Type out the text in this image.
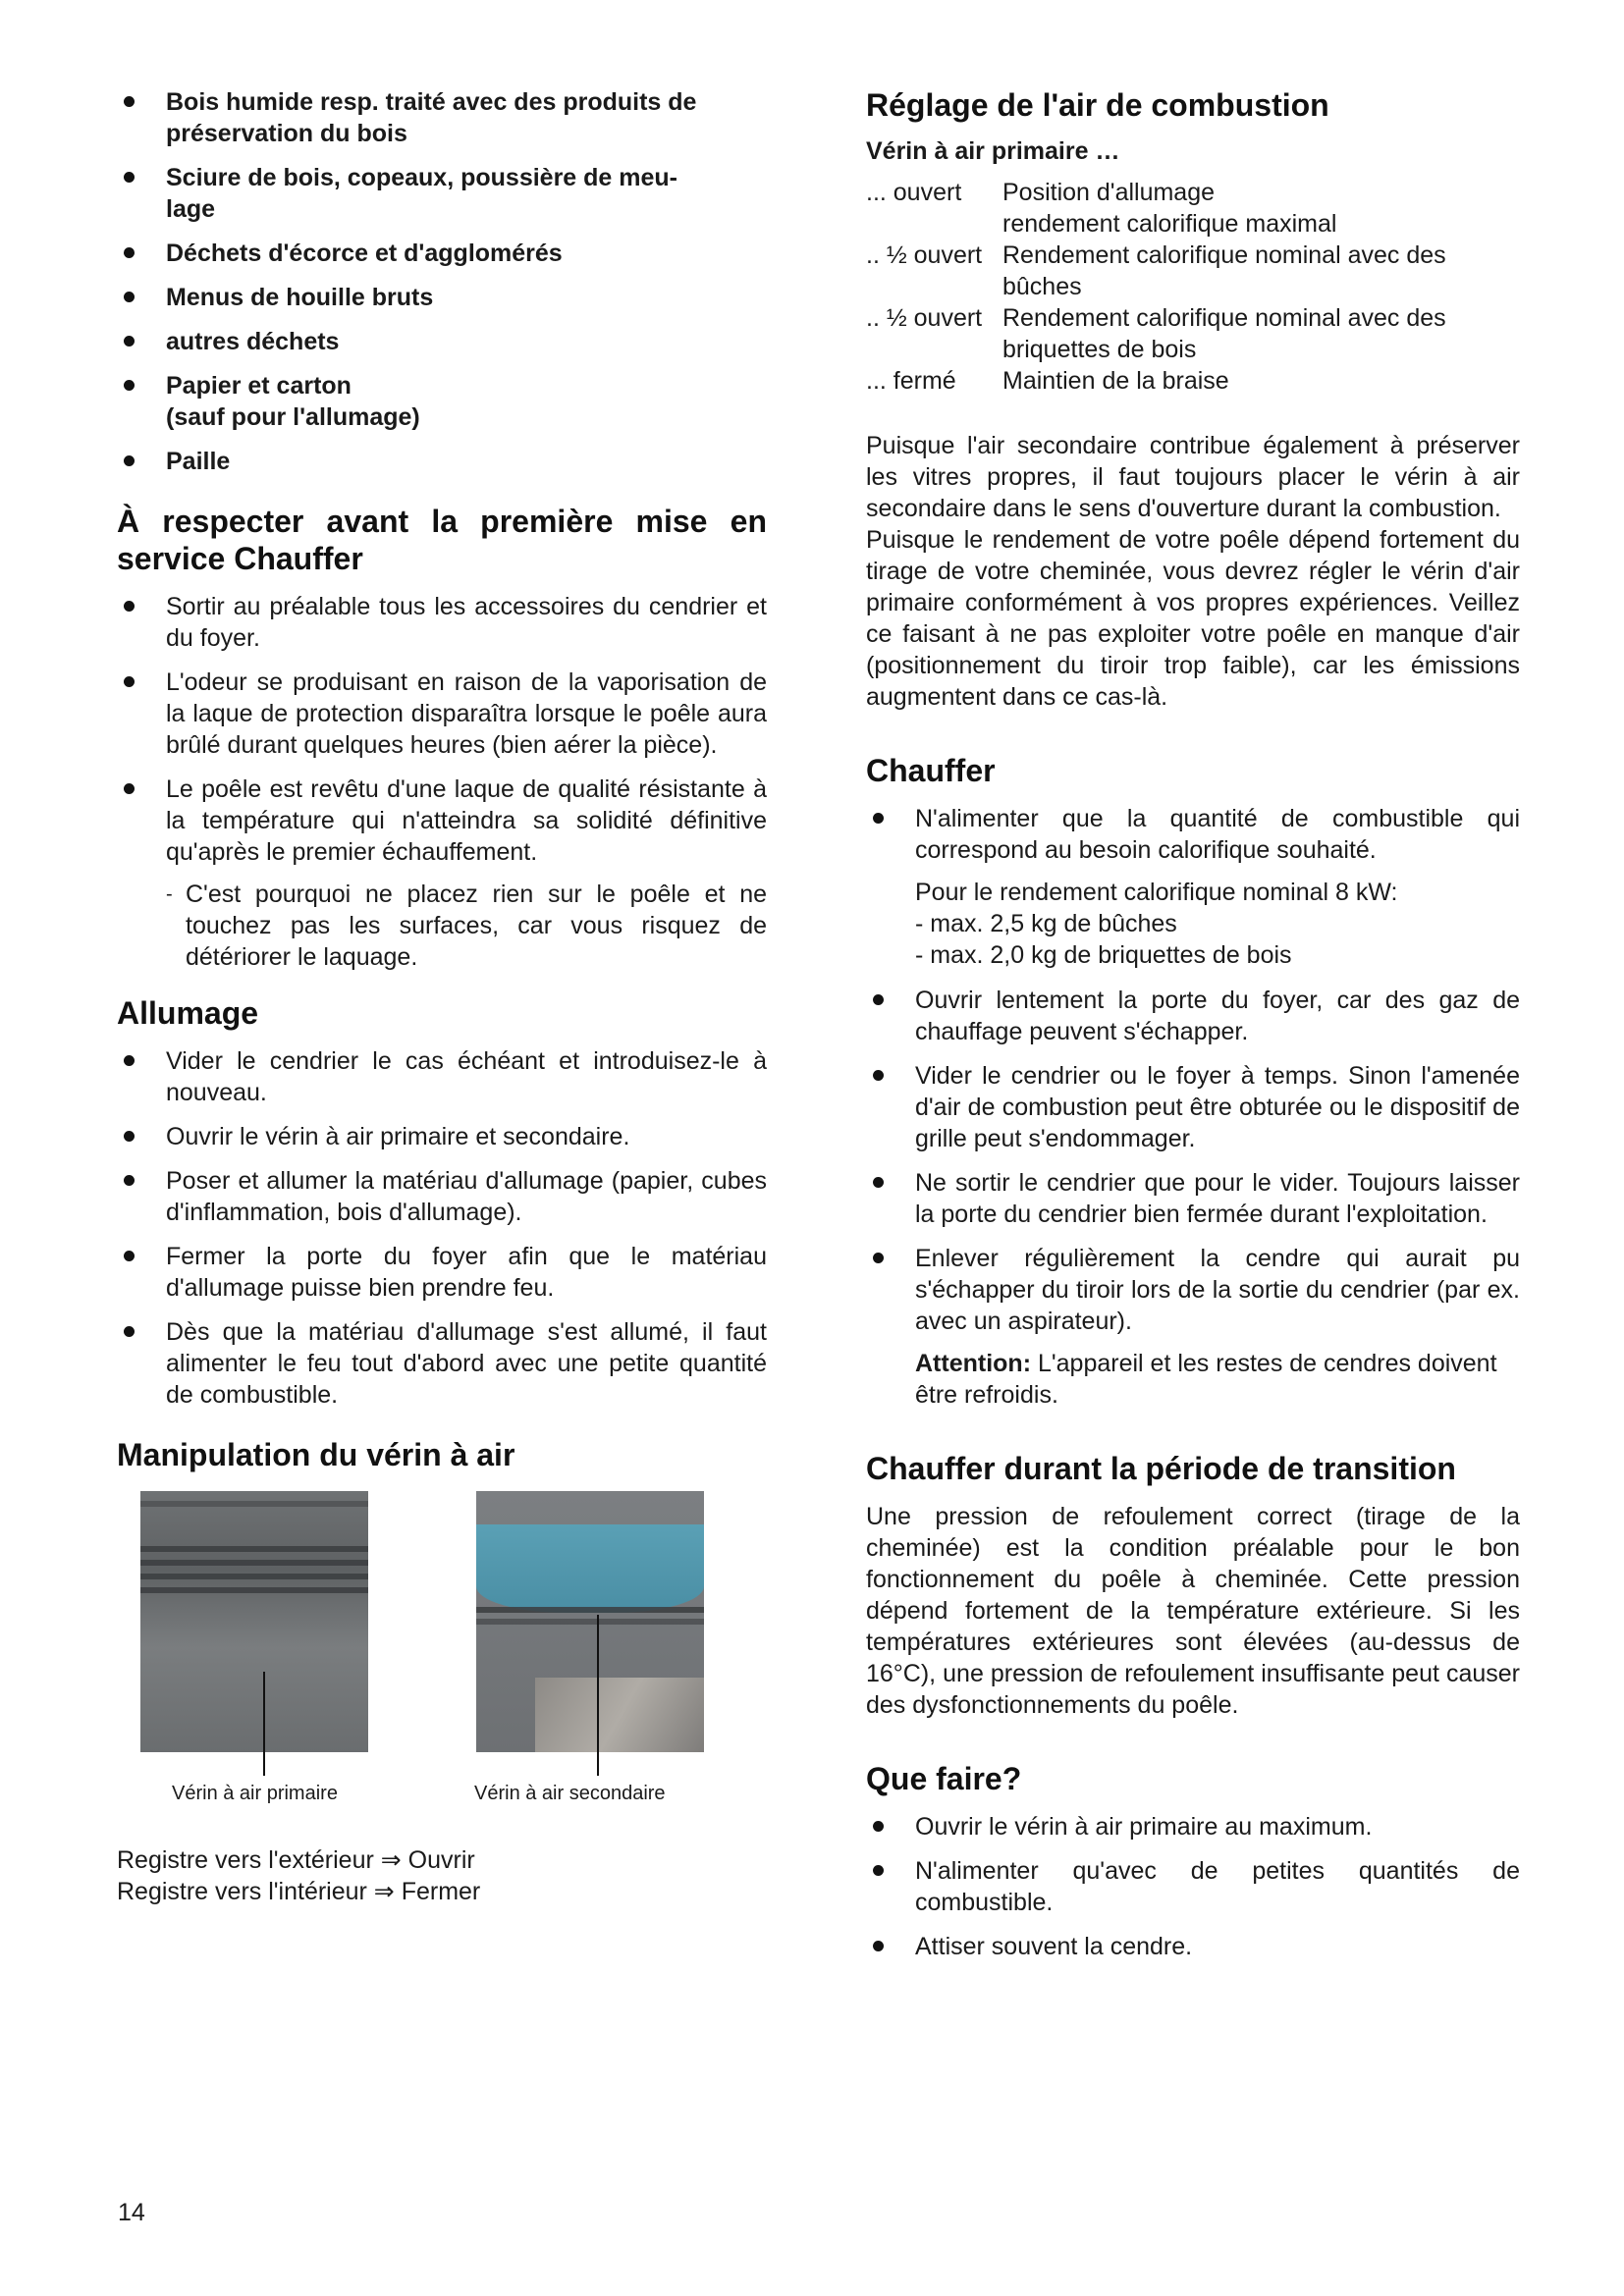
Bois humide resp. traité avec des produits de
préservation du bois
Sciure de bois, copeaux, poussière de meu-
lage
Déchets d'écorce et d'agglomérés
Menus de houille bruts
autres déchets
Papier et carton
(sauf pour l'allumage)
Paille
À respecter avant la première mise en service Chauffer
Sortir au préalable tous les accessoires du cendrier et du foyer.
L'odeur se produisant en raison de la vaporisation de la laque de protection disparaîtra lorsque le poêle aura brûlé durant quelques heures (bien aérer la pièce).
Le poêle est revêtu d'une laque de qualité résistante à la température qui n'atteindra sa solidité définitive qu'après le premier échauffement.
- C'est pourquoi ne placez rien sur le poêle et ne touchez pas les surfaces, car vous risquez de détériorer le laquage.
Allumage
Vider le cendrier le cas échéant et introduisez-le à nouveau.
Ouvrir le vérin à air primaire et secondaire.
Poser et allumer la matériau d'allumage (papier, cubes d'inflammation, bois d'allumage).
Fermer la porte du foyer afin que le matériau d'allumage puisse bien prendre feu.
Dès que la matériau d'allumage s'est allumé, il faut alimenter le feu tout d'abord avec une petite quantité de combustible.
Manipulation du vérin à air
Vérin à air primaire	Vérin à air secondaire
Registre vers l'extérieur ⇒ Ouvrir
Registre vers l'intérieur ⇒ Fermer
Réglage de l'air de combustion
Vérin à air primaire …
... ouvert	Position d'allumage
rendement calorifique maximal
.. ½ ouvert Rendement calorifique nominal avec des
bûches
.. ½ ouvert Rendement calorifique nominal avec des
briquettes de bois
... fermé	Maintien de la braise

Puisque l'air secondaire contribue également à préserver les vitres propres, il faut toujours placer le vérin à air secondaire dans le sens d'ouverture durant la combustion.

Puisque le rendement de votre poêle dépend fortement du tirage de votre cheminée, vous devrez régler le vérin d'air primaire conformément à vos propres expériences. Veillez ce faisant à ne pas exploiter votre poêle en manque d'air (positionnement du tiroir trop faible), car les émissions augmentent dans ce cas-là.

Chauffer
N'alimenter que la quantité de combustible qui correspond au besoin calorifique souhaité.
Pour le rendement calorifique nominal 8 kW:
- max. 2,5 kg de bûches
- max. 2,0 kg de briquettes de bois
Ouvrir lentement la porte du foyer, car des gaz de chauffage peuvent s'échapper.
Vider le cendrier ou le foyer à temps. Sinon l'amenée d'air de combustion peut être obturée ou le dispositif de grille peut s'endommager.
Ne sortir le cendrier que pour le vider. Toujours laisser la porte du cendrier bien fermée durant l'exploitation.
Enlever régulièrement la cendre qui aurait pu s'échapper du tiroir lors de la sortie du cendrier (par ex. avec un aspirateur).
Attention: L'appareil et les restes de cendres doivent être refroidis.
Chauffer durant la période de transition

Une pression de refoulement correct (tirage de la cheminée) est la condition préalable pour le bon fonctionnement du poêle à cheminée. Cette pression dépend fortement de la température extérieure. Si les températures extérieures sont élevées (au-dessus de 16°C), une pression de refoulement insuffisante peut causer des dysfonctionnements du poêle.

Que faire?
Ouvrir le vérin à air primaire au maximum.
N'alimenter qu'avec de petites quantités de combustible.
Attiser souvent la cendre.
14
